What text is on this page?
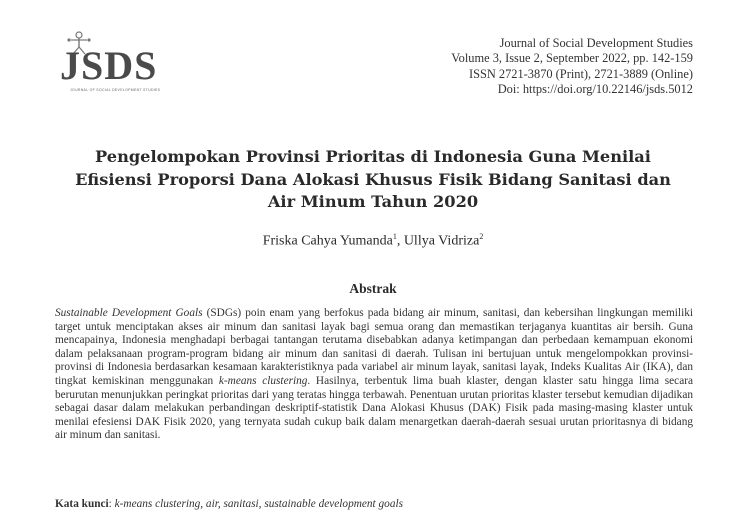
JSDS
JOURNAL OF SOCIAL DEVELOPMENT STUDIES
Journal of Social Development Studies
Volume 3, Issue 2, September 2022, pp. 142-159
ISSN 2721-3870 (Print), 2721-3889 (Online)
Doi: https://doi.org/10.22146/jsds.5012
Pengelompokan Provinsi Prioritas di Indonesia Guna Menilai Efisiensi Proporsi Dana Alokasi Khusus Fisik Bidang Sanitasi dan Air Minum Tahun 2020
Friska Cahya Yumanda$^1$, Ullya Vidriza$^2$
Abstrak
Sustainable Development Goals (SDGs) poin enam yang berfokus pada bidang air minum, sanitasi, dan kebersihan lingkungan memiliki target untuk menciptakan akses air minum dan sanitasi layak bagi semua orang dan memastikan terjaganya kuantitas air bersih. Guna mencapainya, Indonesia menghadapi berbagai tantangan terutama disebabkan adanya ketimpangan dan perbedaan kemampuan ekonomi dalam pelaksanaan program-program bidang air minum dan sanitasi di daerah. Tulisan ini bertujuan untuk mengelompokkan provinsi-provinsi di Indonesia berdasarkan kesamaan karakteristiknya pada variabel air minum layak, sanitasi layak, Indeks Kualitas Air (IKA), dan tingkat kemiskinan menggunakan k-means clustering. Hasilnya, terbentuk lima buah klaster, dengan klaster satu hingga lima secara berurutan menunjukkan peringkat prioritas dari yang teratas hingga terbawah. Penentuan urutan prioritas klaster tersebut kemudian dijadikan sebagai dasar dalam melakukan perbandingan deskriptif-statistik Dana Alokasi Khusus (DAK) Fisik pada masing-masing klaster untuk menilai efesiensi DAK Fisik 2020, yang ternyata sudah cukup baik dalam menargetkan daerah-daerah sesuai urutan prioritasnya di bidang air minum dan sanitasi.
Kata kunci: k-means clustering, air, sanitasi, sustainable development goals
